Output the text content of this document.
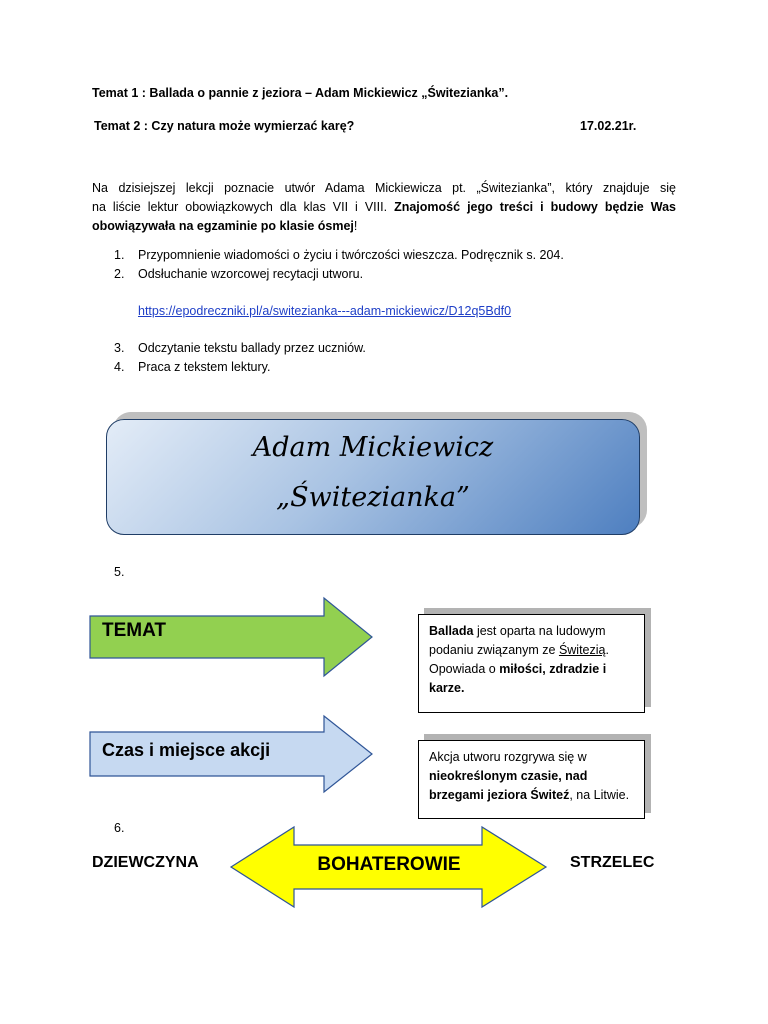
Temat 1 : Ballada o pannie z jeziora – Adam Mickiewicz „Świtezianka”.
Temat 2 : Czy natura może wymierzać karę?	17.02.21r.
Na dzisiejszej lekcji poznacie utwór Adama Mickiewicza pt. „Świtezianka”, który znajduje się
na liście lektur obowiązkowych dla klas VII i VIII. Znajomość jego treści i budowy będzie Was
obowiązywała na egzaminie po klasie ósmej!
1. Przypomnienie wiadomości o życiu i twórczości wieszcza. Podręcznik s. 204.
2. Odsłuchanie wzorcowej recytacji utworu.
https://epodreczniki.pl/a/switezianka---adam-mickiewicz/D12q5Bdf0
3. Odczytanie tekstu ballady przez uczniów.
4. Praca z tekstem lektury.
Adam Mickiewicz
„Świtezianka”
5.
TEMAT	Ballada jest oparta na ludowym
podaniu związanym ze Świtezią.
Opowiada o miłości, zdradzie i
karze.
Czas i miejsce akcji	Akcja utworu rozgrywa się w
nieokreślonym czasie, nad
brzegami jeziora Świteź, na Litwie.
6.
DZIEWCZYNA	BOHATEROWIE	STRZELEC
